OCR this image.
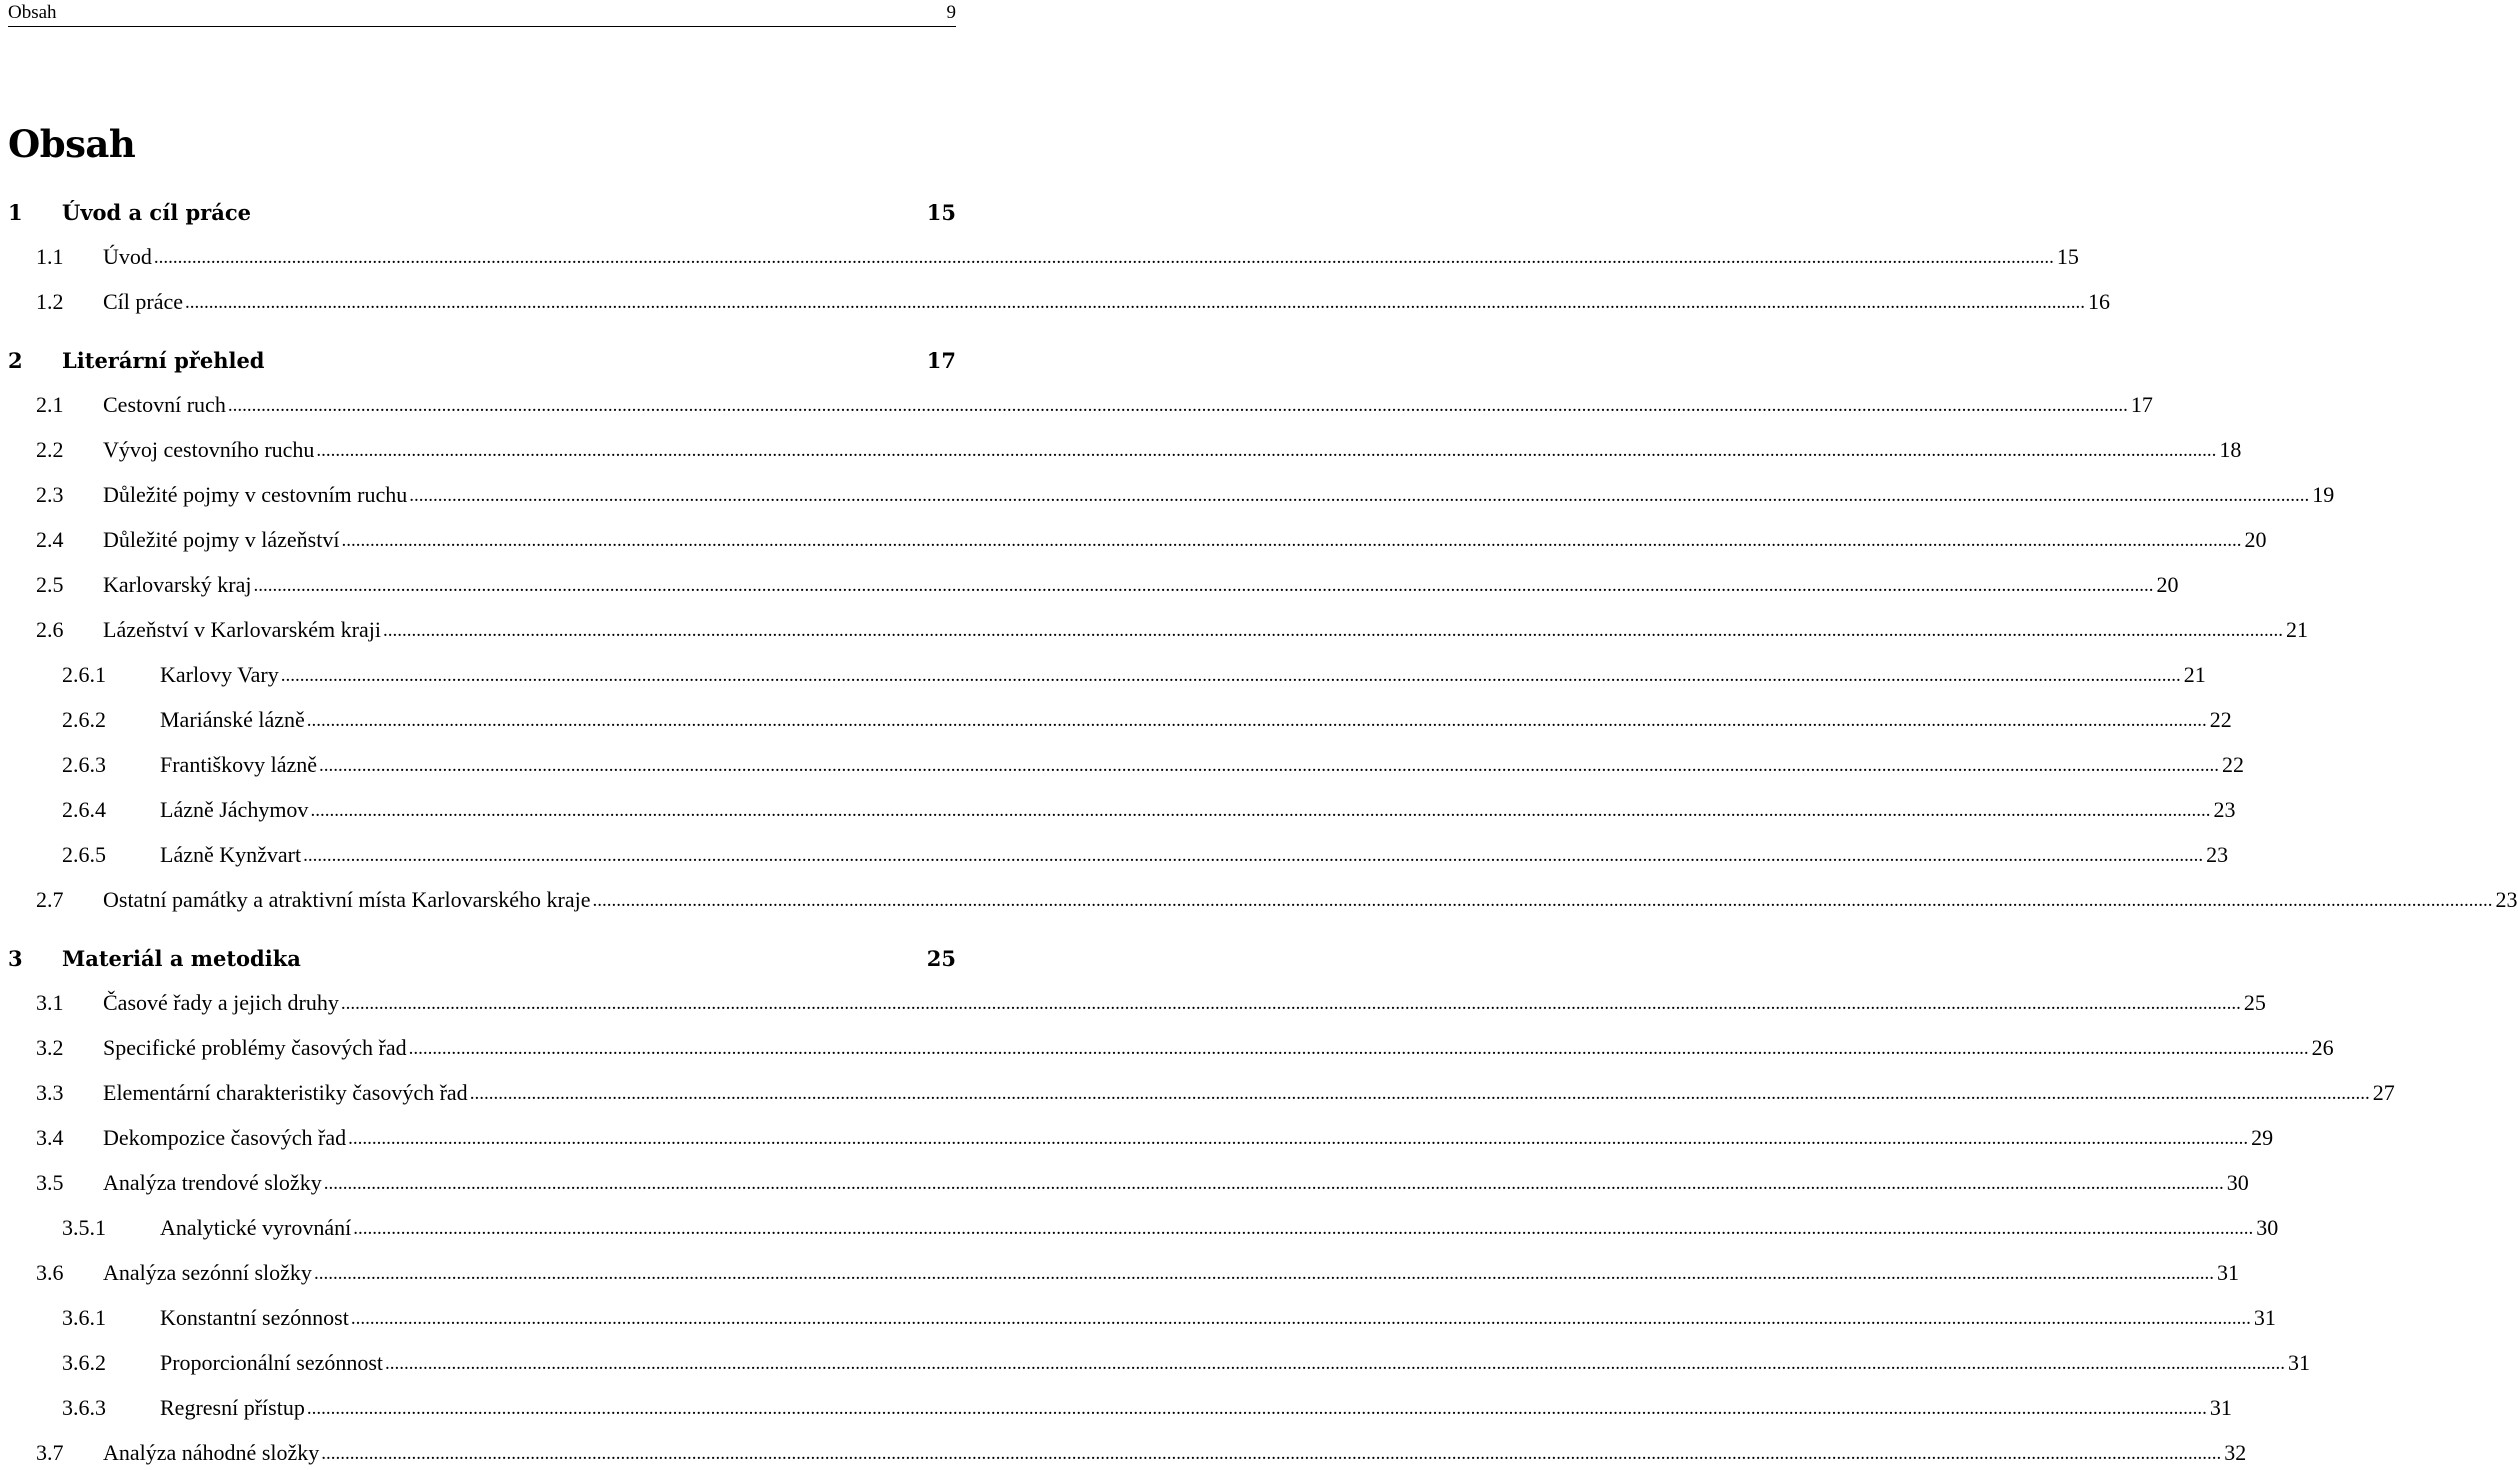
Obsah	9
Obsah
1 Úvod a cíl práce	15
1.1 Úvod ................................................................................................................................................................................................................................................................................................................................................................................................................ 15
1.2 Cíl práce ................................................................................................................................................................................................................................................................................................................................................................................................................ 16
2 Literární přehled	17
2.1 Cestovní ruch ................................................................................................................................................................................................................................................................................................................................................................................................................ 17
2.2 Vývoj cestovního ruchu ................................................................................................................................................................................................................................................................................................................................................................................................................ 18
2.3 Důležité pojmy v cestovním ruchu ................................................................................................................................................................................................................................................................................................................................................................................................................ 19
2.4 Důležité pojmy v lázeňství ................................................................................................................................................................................................................................................................................................................................................................................................................ 20
2.5 Karlovarský kraj ................................................................................................................................................................................................................................................................................................................................................................................................................ 20
2.6 Lázeňství v Karlovarském kraji ................................................................................................................................................................................................................................................................................................................................................................................................................ 21
2.6.1 Karlovy Vary ................................................................................................................................................................................................................................................................................................................................................................................................................ 21
2.6.2 Mariánské lázně ................................................................................................................................................................................................................................................................................................................................................................................................................ 22
2.6.3 Františkovy lázně ................................................................................................................................................................................................................................................................................................................................................................................................................ 22
2.6.4 Lázně Jáchymov ................................................................................................................................................................................................................................................................................................................................................................................................................ 23
2.6.5 Lázně Kynžvart ................................................................................................................................................................................................................................................................................................................................................................................................................ 23
2.7 Ostatní památky a atraktivní místa Karlovarského kraje ................................................................................................................................................................................................................................................................................................................................................................................................................ 23
3 Materiál a metodika	25
3.1 Časové řady a jejich druhy ................................................................................................................................................................................................................................................................................................................................................................................................................ 25
3.2 Specifické problémy časových řad ................................................................................................................................................................................................................................................................................................................................................................................................................ 26
3.3 Elementární charakteristiky časových řad ................................................................................................................................................................................................................................................................................................................................................................................................................ 27
3.4 Dekompozice časových řad ................................................................................................................................................................................................................................................................................................................................................................................................................ 29
3.5 Analýza trendové složky ................................................................................................................................................................................................................................................................................................................................................................................................................ 30
3.5.1 Analytické vyrovnání ................................................................................................................................................................................................................................................................................................................................................................................................................ 30
3.6 Analýza sezónní složky ................................................................................................................................................................................................................................................................................................................................................................................................................ 31
3.6.1 Konstantní sezónnost ................................................................................................................................................................................................................................................................................................................................................................................................................ 31
3.6.2 Proporcionální sezónnost ................................................................................................................................................................................................................................................................................................................................................................................................................ 31
3.6.3 Regresní přístup ................................................................................................................................................................................................................................................................................................................................................................................................................ 31
3.7 Analýza náhodné složky ................................................................................................................................................................................................................................................................................................................................................................................................................ 32
